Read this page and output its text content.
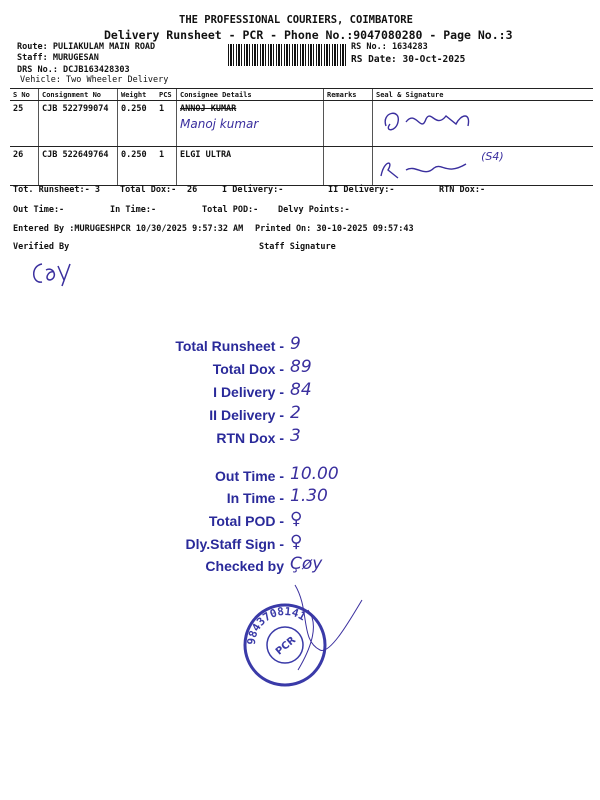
THE PROFESSIONAL COURIERS, COIMBATORE
Delivery Runsheet - PCR - Phone No.:9047080280 - Page No.:3
Route: PULIAKULAM MAIN ROAD
Staff: MURUGESAN
DRS No.: DCJB163428303
Vehicle: Two Wheeler Delivery
RS No.: 1634283
RS Date: 30-Oct-2025
S No	Consignment No	Weight	PCS	Consignee Details	Remarks	Seal & Signature
25	CJB 522799074	0.250	1	ANNOJ KUMAR
Manoj kumar

26	CJB 522649764	0.250	1	ELGI ULTRA		(S4)
Tot. Runsheet:- 3 Total Dox:- 26	I Delivery:-	II Delivery:-	RTN Dox:-
Out Time:-	In Time:-	Total POD:- Delvy Points:-
Entered By :MURUGESHPCR 10/30/2025 9:57:32 AM Printed On: 30-10-2025 09:57:43
Verified By	Staff Signature
Total Runsheet - 9
Total Dox - 89
I Delivery - 84
II Delivery - 2
RTN Dox - 3
Out Time - 10.00
In Time - 1.30
Total POD - ♀
Dly.Staff Sign - ♀
Checked by Çøy
9843708141
PCR
